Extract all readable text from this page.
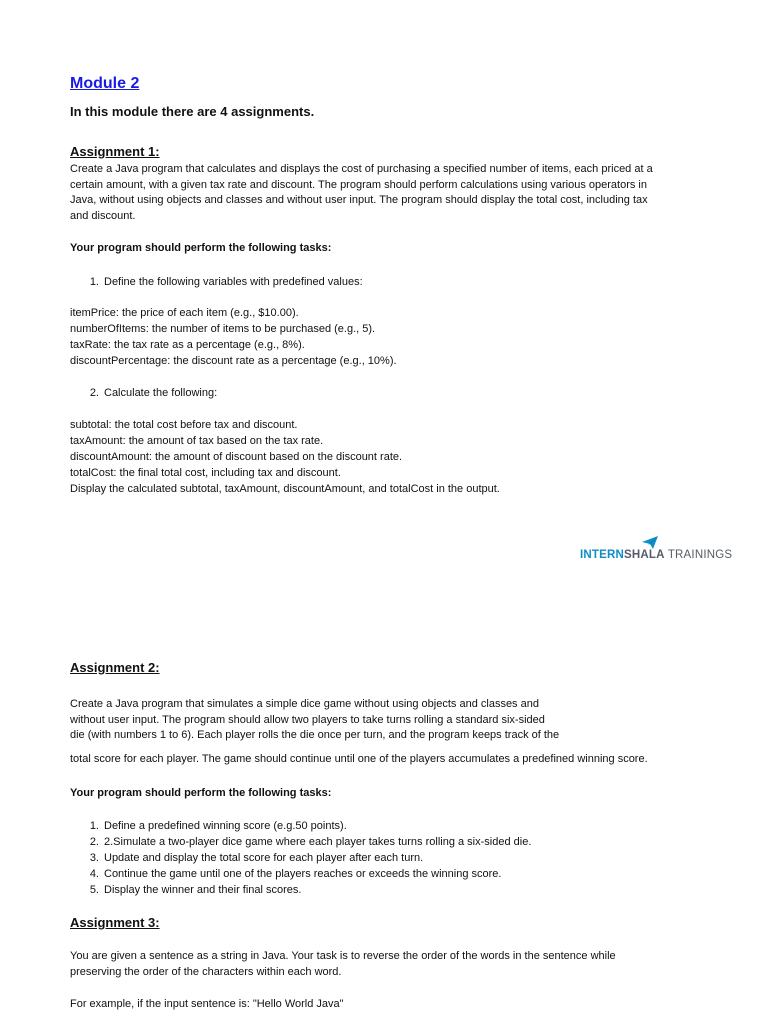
Module 2
In this module there are 4 assignments.
Assignment 1:
Create a Java program that calculates and displays the cost of purchasing a specified number of items, each priced at a
certain amount, with a given tax rate and discount. The program should perform calculations using various operators in
Java, without using objects and classes and without user input. The program should display the total cost, including tax
and discount.
Your program should perform the following tasks:
1. Define the following variables with predefined values:
itemPrice: the price of each item (e.g., $10.00).
numberOfItems: the number of items to be purchased (e.g., 5).
taxRate: the tax rate as a percentage (e.g., 8%).
discountPercentage: the discount rate as a percentage (e.g., 10%).
2. Calculate the following:
subtotal: the total cost before tax and discount.
taxAmount: the amount of tax based on the tax rate.
discountAmount: the amount of discount based on the discount rate.
totalCost: the final total cost, including tax and discount.
Display the calculated subtotal, taxAmount, discountAmount, and totalCost in the output.
INTERNSHALA TRAININGS
Assignment 2:
Create a Java program that simulates a simple dice game without using objects and classes and
without user input. The program should allow two players to take turns rolling a standard six-sided
die (with numbers 1 to 6). Each player rolls the die once per turn, and the program keeps track of the
total score for each player. The game should continue until one of the players accumulates a predefined winning score.
Your program should perform the following tasks:
1. Define a predefined winning score (e.g.50 points).
2. 2.Simulate a two-player dice game where each player takes turns rolling a six-sided die.
3. Update and display the total score for each player after each turn.
4. Continue the game until one of the players reaches or exceeds the winning score.
5. Display the winner and their final scores.
Assignment 3:
You are given a sentence as a string in Java. Your task is to reverse the order of the words in the sentence while
preserving the order of the characters within each word.
For example, if the input sentence is: "Hello World Java"
